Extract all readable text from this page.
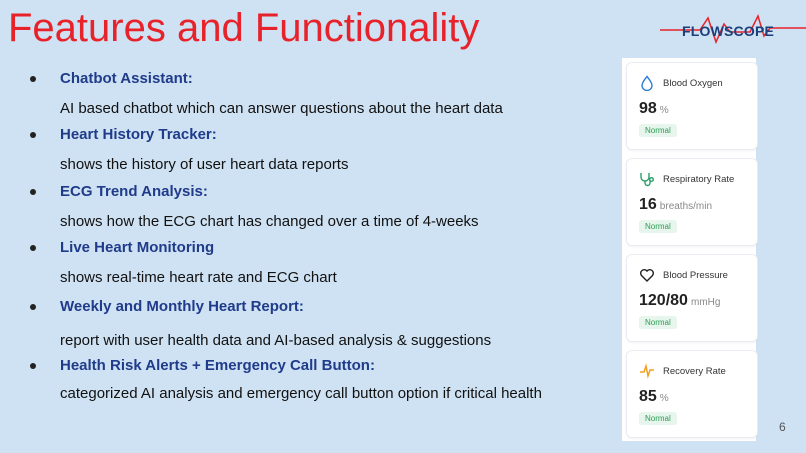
Features and Functionality	FLOWSCOPE
Chatbot Assistant:
AI based chatbot which can answer questions about the heart data
Heart History Tracker:
shows the history of user heart data reports
ECG Trend Analysis:
shows how the ECG chart has changed over a time of 4-weeks
Live Heart Monitoring
shows real-time heart rate and ECG chart
Weekly and Monthly Heart Report:
report with user health data and AI-based analysis & suggestions
Health Risk Alerts + Emergency Call Button:
categorized AI analysis and emergency call button option if critical health
Blood Oxygen
98 %
Normal
Respiratory Rate
16 breaths/min
Normal
Blood Pressure
120/80 mmHg
Normal
Recovery Rate
85 %
Normal
6
